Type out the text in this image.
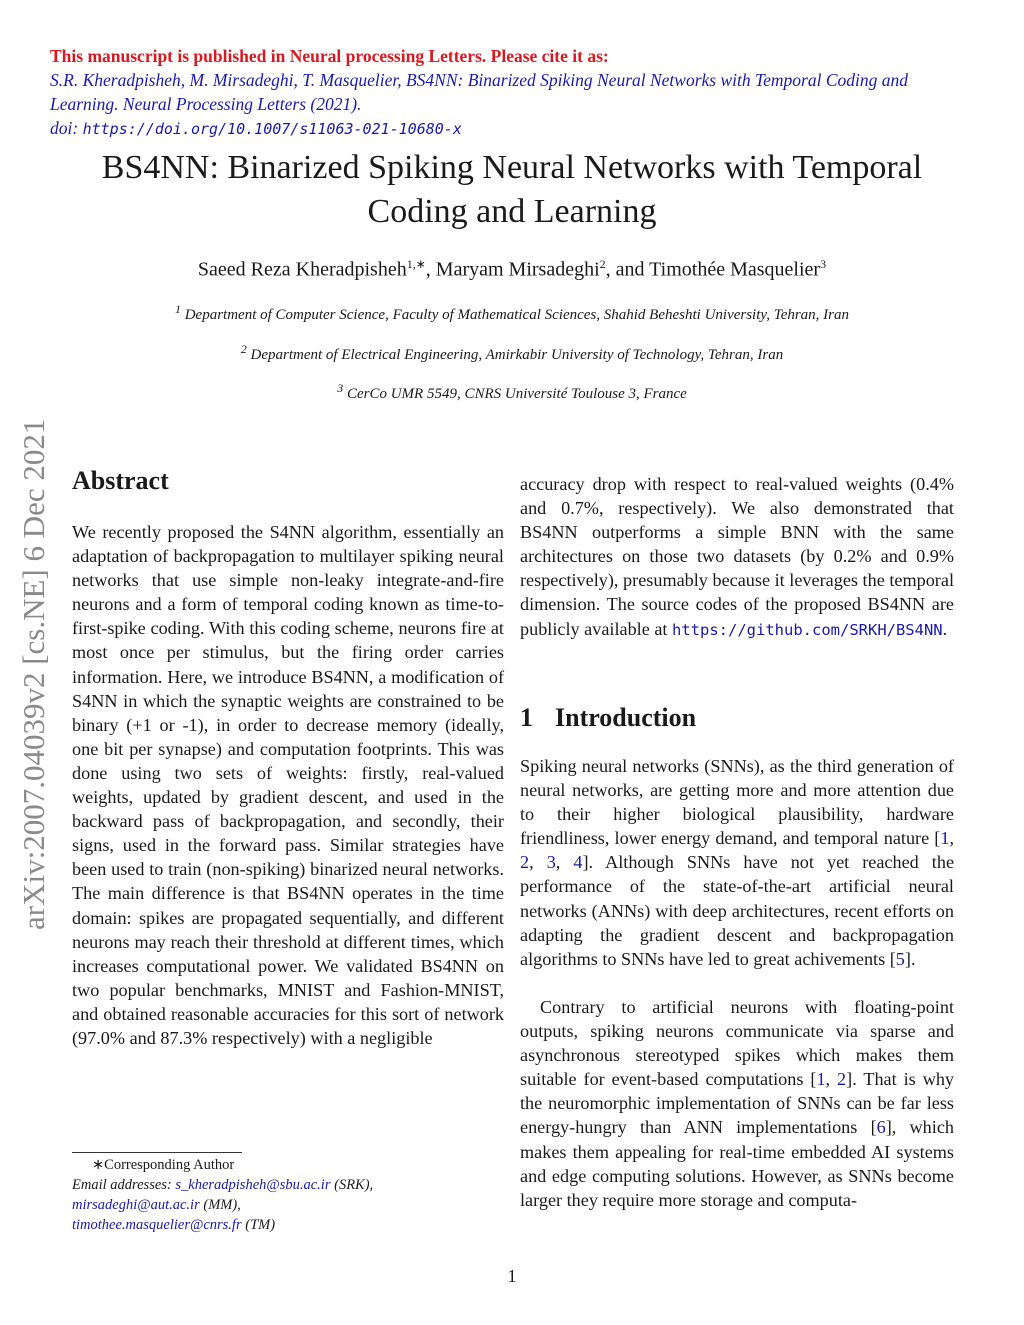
This manuscript is published in Neural processing Letters. Please cite it as:
S.R. Kheradpisheh, M. Mirsadeghi, T. Masquelier, BS4NN: Binarized Spiking Neural Networks with Temporal Coding and Learning. Neural Processing Letters (2021).
doi: https://doi.org/10.1007/s11063-021-10680-x
BS4NN: Binarized Spiking Neural Networks with Temporal Coding and Learning
Saeed Reza Kheradpisheh$^{1,∗}$, Maryam Mirsadeghi$^2$, and Timothée Masquelier$^3$
$^1$ Department of Computer Science, Faculty of Mathematical Sciences, Shahid Beheshti University, Tehran, Iran
$^2$ Department of Electrical Engineering, Amirkabir University of Technology, Tehran, Iran
$^3$ CerCo UMR 5549, CNRS Université Toulouse 3, France
arXiv:2007.04039v2 [cs.NE] 6 Dec 2021 Abstract

We recently proposed the S4NN algorithm, essentially an adaptation of backpropagation to multilayer spiking neural networks that use simple non-leaky integrate-and-fire neurons and a form of temporal coding known as time-to-first-spike coding. With this coding scheme, neurons fire at most once per stimulus, but the firing order carries information. Here, we introduce BS4NN, a modification of S4NN in which the synaptic weights are constrained to be binary (+1 or -1), in order to decrease memory (ideally, one bit per synapse) and computation footprints. This was done using two sets of weights: firstly, real-valued weights, updated by gradient descent, and used in the backward pass of backpropagation, and secondly, their signs, used in the forward pass. Similar strategies have been used to train (non-spiking) binarized neural networks. The main difference is that BS4NN operates in the time domain: spikes are propagated sequentially, and different neurons may reach their threshold at different times, which increases computational power. We validated BS4NN on two popular benchmarks, MNIST and Fashion-MNIST, and obtained reasonable accuracies for this sort of network (97.0% and 87.3% respectively) with a negligible

accuracy drop with respect to real-valued weights (0.4% and 0.7%, respectively). We also demonstrated that BS4NN outperforms a simple BNN with the same architectures on those two datasets (by 0.2% and 0.9% respectively), presumably because it leverages the temporal dimension. The source codes of the proposed BS4NN are publicly available at https://github.com/SRKH/BS4NN.

1 Introduction

Spiking neural networks (SNNs), as the third generation of neural networks, are getting more and more attention due to their higher biological plausibility, hardware friendliness, lower energy demand, and temporal nature [1, 2, 3, 4]. Although SNNs have not yet reached the performance of the state-of-the-art artificial neural networks (ANNs) with deep architectures, recent efforts on adapting the gradient descent and backpropagation algorithms to SNNs have led to great achivements [5].

Contrary to artificial neurons with floating-point outputs, spiking neurons communicate via sparse and asynchronous stereotyped spikes which makes them suitable for event-based computations [1, 2]. That is why the neuromorphic implementation of SNNs can be far less energy-hungry than ANN implementations [6], which makes them appealing for real-time embedded AI systems and edge computing solutions. However, as SNNs become larger they require more storage and computa-

∗Corresponding Author
Email addresses: s_kheradpisheh@sbu.ac.ir (SRK),
mirsadeghi@aut.ac.ir (MM),
timothee.masquelier@cnrs.fr (TM)
1
